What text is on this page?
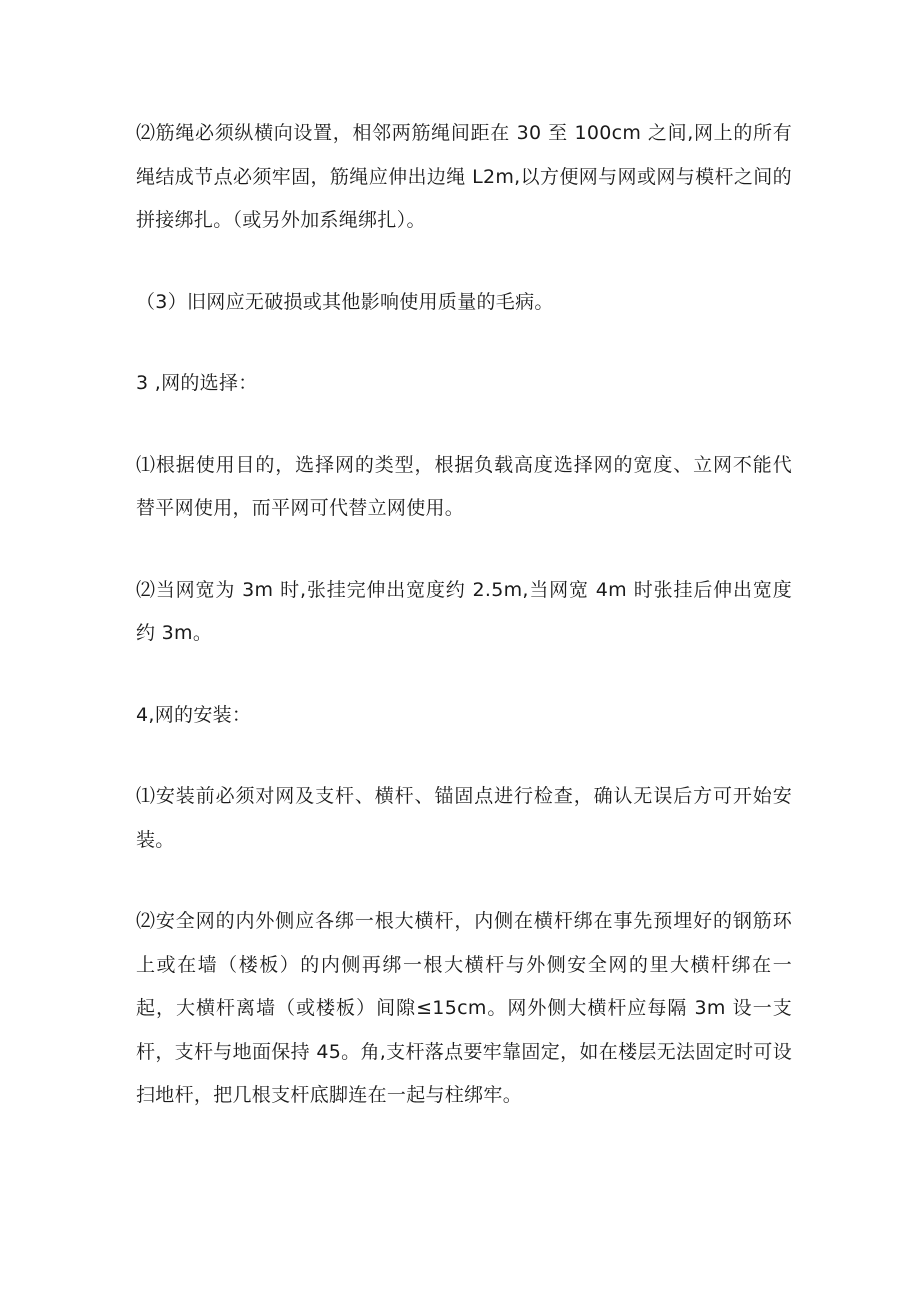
⑵筋绳必须纵横向设置，相邻两筋绳间距在 30 至 100cm 之间,网上的所有绳结成节点必须牢固，筋绳应伸出边绳 L2m,以方便网与网或网与模杆之间的拼接绑扎。（或另外加系绳绑扎）。

（3）旧网应无破损或其他影响使用质量的毛病。

3 ,网的选择：

⑴根据使用目的，选择网的类型，根据负载高度选择网的宽度、立网不能代替平网使用，而平网可代替立网使用。

⑵当网宽为 3m 时,张挂完伸出宽度约 2.5m,当网宽 4m 时张挂后伸出宽度约 3m。

4,网的安装：

⑴安装前必须对网及支杆、横杆、锚固点进行检查，确认无误后方可开始安装。

⑵安全网的内外侧应各绑一根大横杆，内侧在横杆绑在事先预埋好的钢筋环上或在墙（楼板）的内侧再绑一根大横杆与外侧安全网的里大横杆绑在一起，大横杆离墙（或楼板）间隙≤15cm。网外侧大横杆应每隔 3m 设一支杆，支杆与地面保持 45。角,支杆落点要牢靠固定，如在楼层无法固定时可设扫地杆，把几根支杆底脚连在一起与柱绑牢。
